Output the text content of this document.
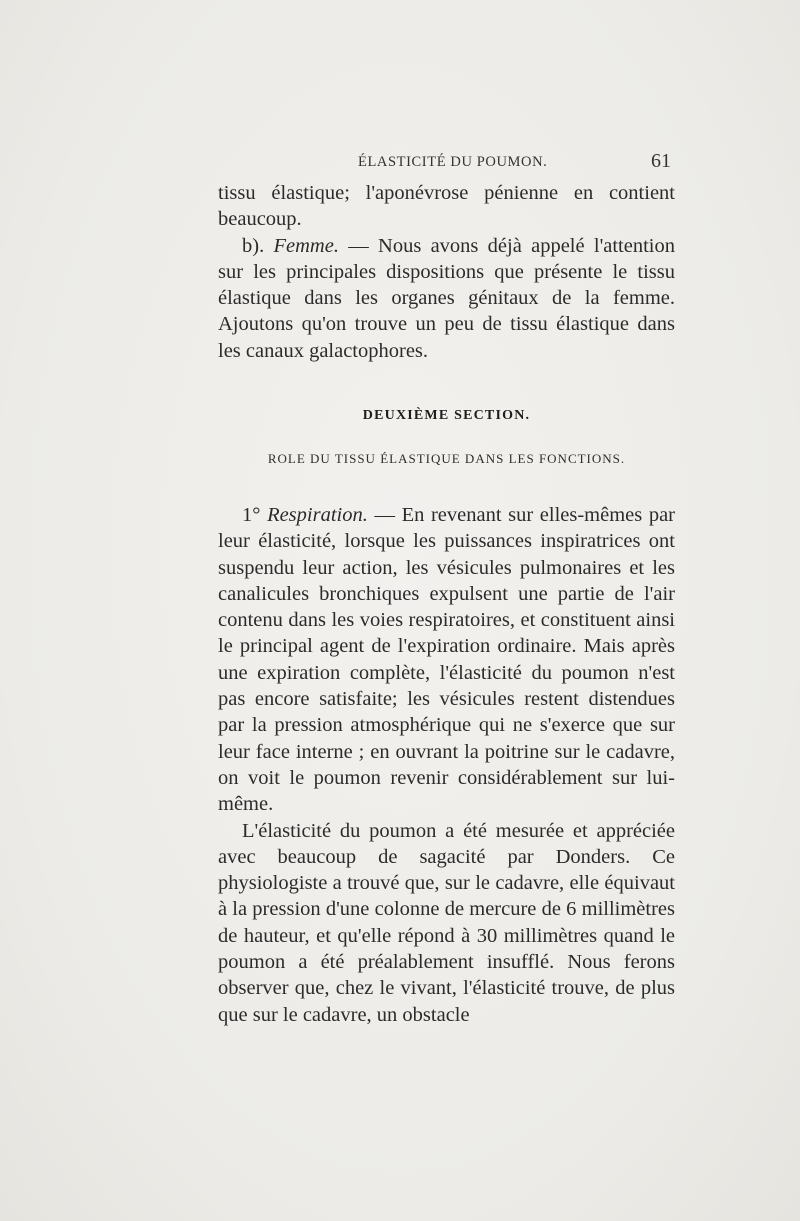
ÉLASTICITÉ DU POUMON.	61

tissu élastique; l'aponévrose pénienne en contient beaucoup.

b). Femme. — Nous avons déjà appelé l'attention sur les principales dispositions que présente le tissu élastique dans les organes génitaux de la femme. Ajoutons qu'on trouve un peu de tissu élastique dans les canaux galactophores.

DEUXIÈME SECTION.
ROLE DU TISSU ÉLASTIQUE DANS LES FONCTIONS.

1° Respiration. — En revenant sur elles-mêmes par leur élasticité, lorsque les puissances inspiratrices ont suspendu leur action, les vésicules pulmonaires et les canalicules bronchiques expulsent une partie de l'air contenu dans les voies respiratoires, et constituent ainsi le principal agent de l'expiration ordinaire. Mais après une expiration complète, l'élasticité du poumon n'est pas encore satisfaite; les vésicules restent distendues par la pression atmosphérique qui ne s'exerce que sur leur face interne ; en ouvrant la poitrine sur le cadavre, on voit le poumon revenir considérablement sur lui-même.

L'élasticité du poumon a été mesurée et appréciée avec beaucoup de sagacité par Donders. Ce physiologiste a trouvé que, sur le cadavre, elle équivaut à la pression d'une colonne de mercure de 6 millimètres de hauteur, et qu'elle répond à 30 millimètres quand le poumon a été préalablement insufflé. Nous ferons observer que, chez le vivant, l'élasticité trouve, de plus que sur le cadavre, un obstacle
